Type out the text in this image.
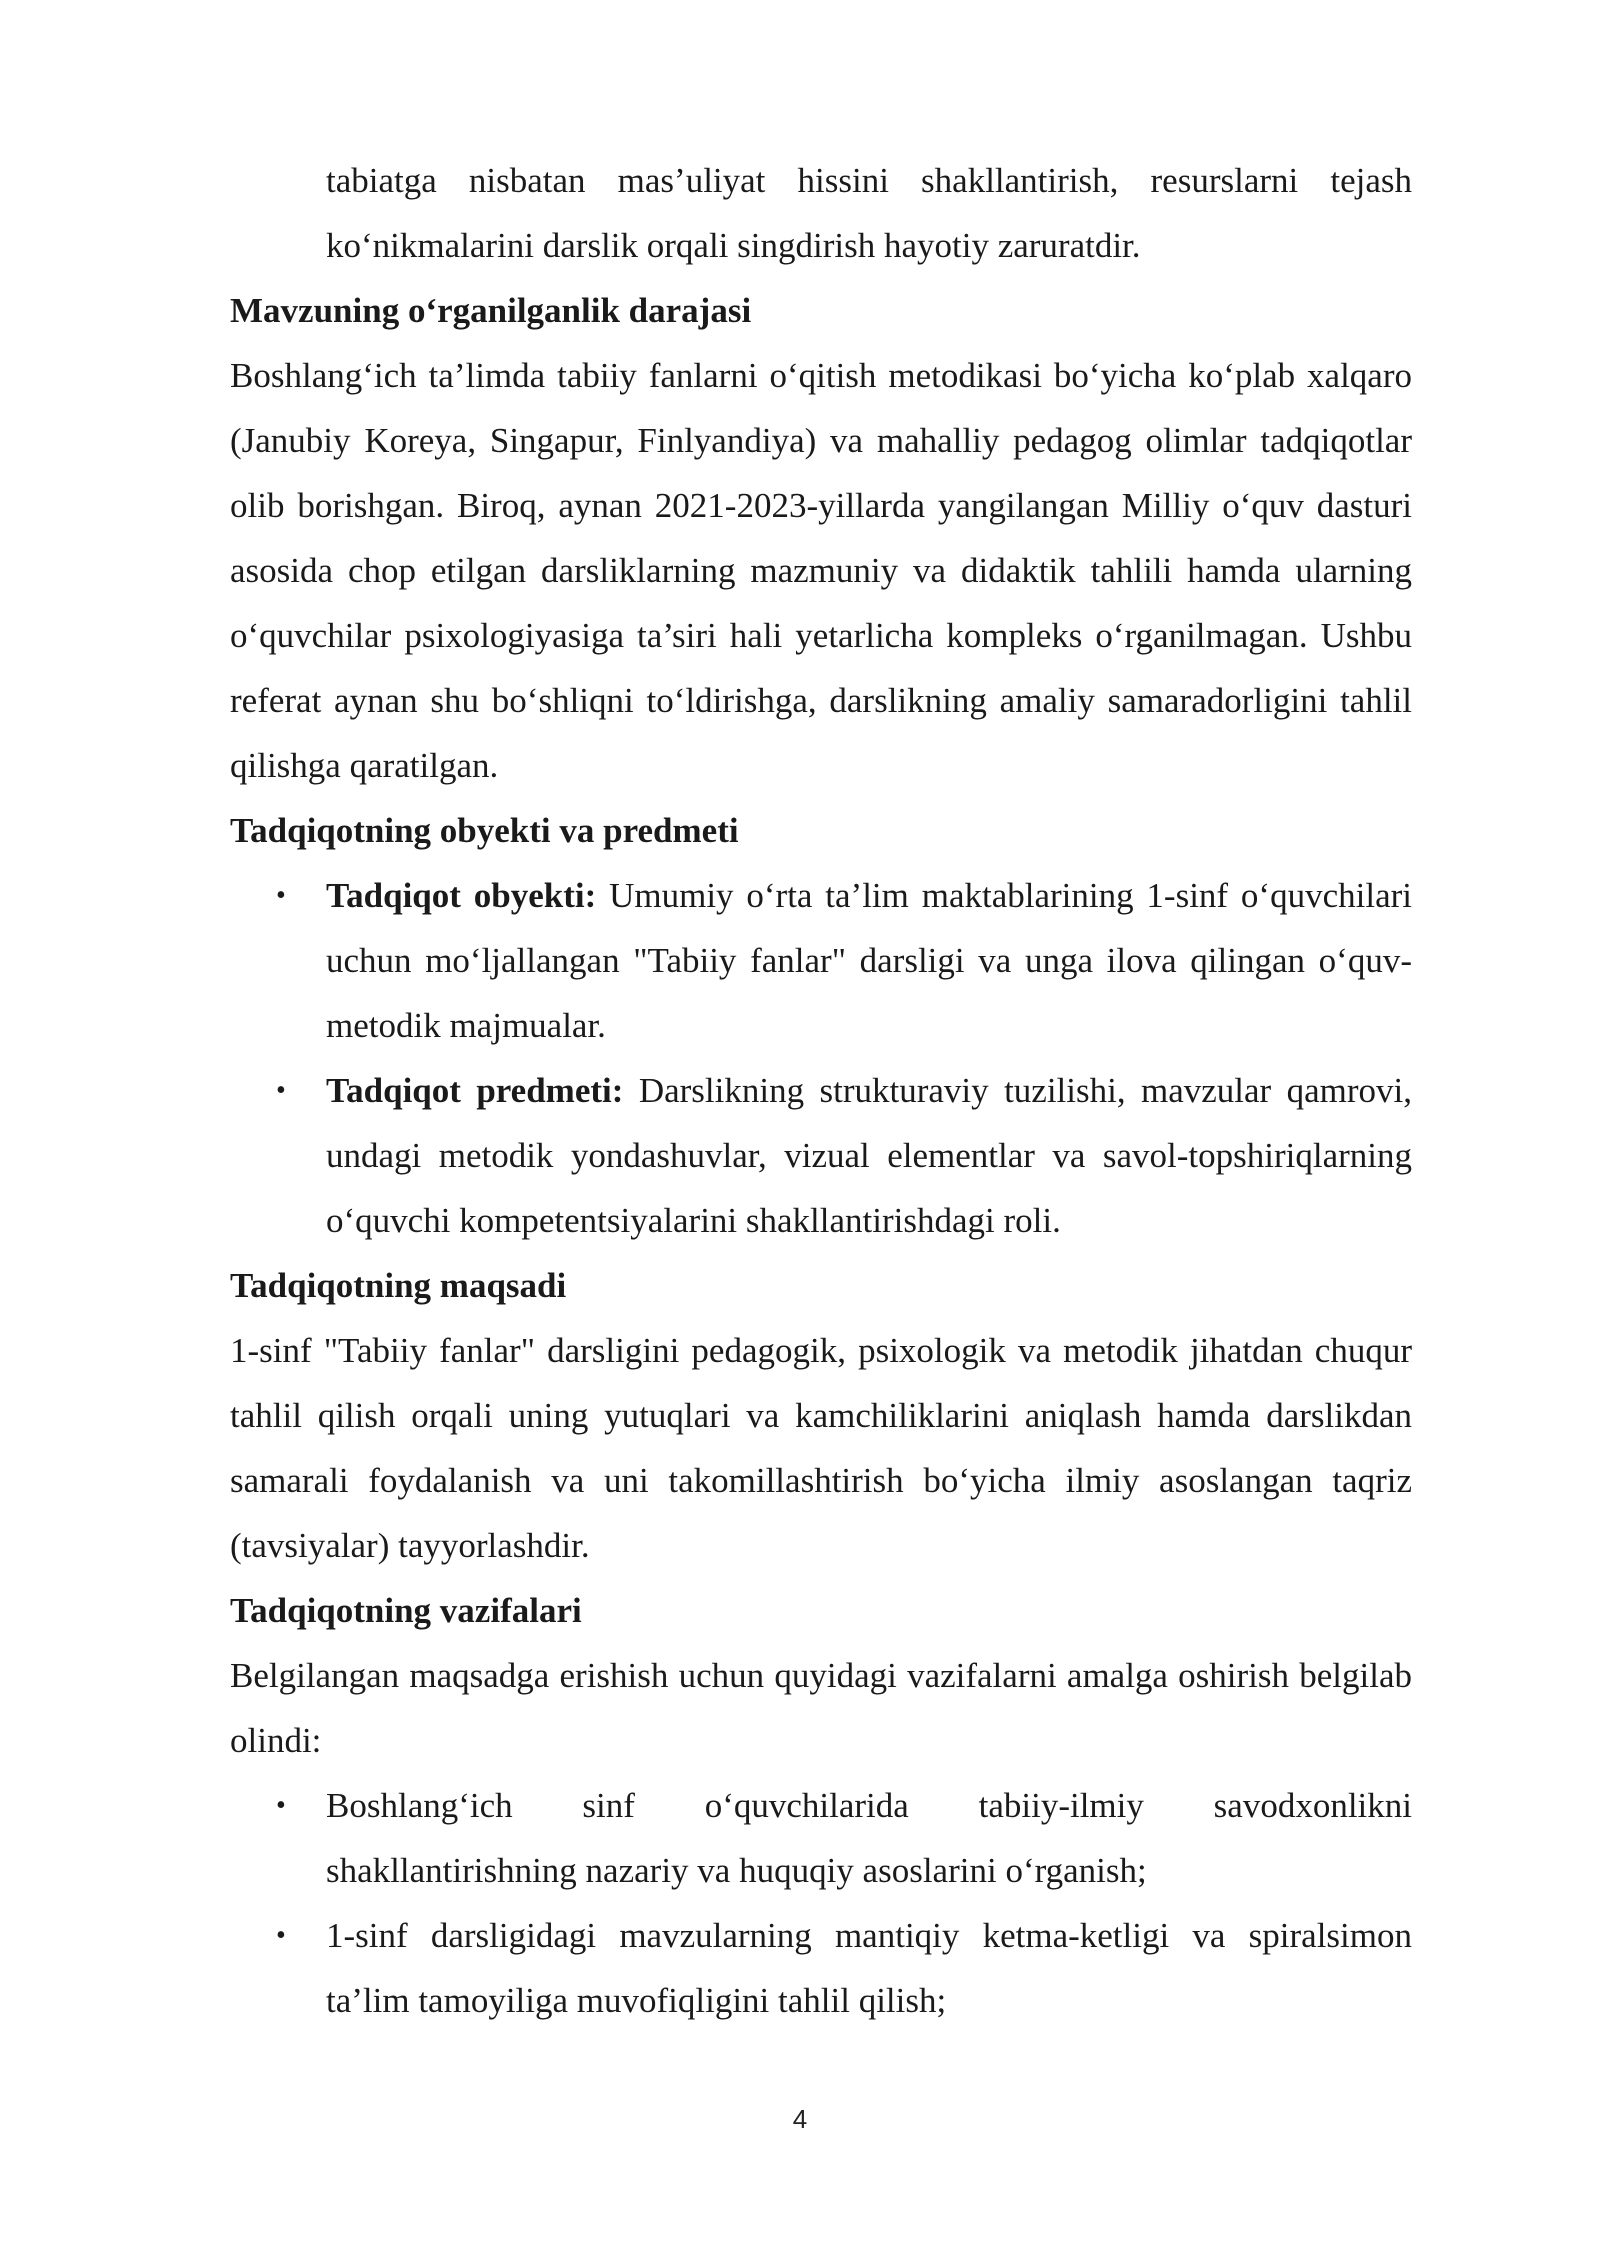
tabiatga nisbatan mas’uliyat hissini shakllantirish, resurslarni tejash ko‘nikmalarini darslik orqali singdirish hayotiy zaruratdir.

Mavzuning o‘rganilganlik darajasi

Boshlang‘ich ta’limda tabiiy fanlarni o‘qitish metodikasi bo‘yicha ko‘plab xalqaro (Janubiy Koreya, Singapur, Finlyandiya) va mahalliy pedagog olimlar tadqiqotlar olib borishgan. Biroq, aynan 2021-2023-yillarda yangilangan Milliy o‘quv dasturi asosida chop etilgan darsliklarning mazmuniy va didaktik tahlili hamda ularning o‘quvchilar psixologiyasiga ta’siri hali yetarlicha kompleks o‘rganilmagan. Ushbu referat aynan shu bo‘shliqni to‘ldirishga, darslikning amaliy samaradorligini tahlil qilishga qaratilgan.

Tadqiqotning obyekti va predmeti
• Tadqiqot obyekti: Umumiy o‘rta ta’lim maktablarining 1-sinf o‘quvchilari uchun mo‘ljallangan "Tabiiy fanlar" darsligi va unga ilova qilingan o‘quv-metodik majmualar.
• Tadqiqot predmeti: Darslikning strukturaviy tuzilishi, mavzular qamrovi, undagi metodik yondashuvlar, vizual elementlar va savol-topshiriqlarning o‘quvchi kompetentsiyalarini shakllantirishdagi roli.
Tadqiqotning maqsadi

1-sinf "Tabiiy fanlar" darsligini pedagogik, psixologik va metodik jihatdan chuqur tahlil qilish orqali uning yutuqlari va kamchiliklarini aniqlash hamda darslikdan samarali foydalanish va uni takomillashtirish bo‘yicha ilmiy asoslangan taqriz (tavsiyalar) tayyorlashdir.

Tadqiqotning vazifalari

Belgilangan maqsadga erishish uchun quyidagi vazifalarni amalga oshirish belgilab olindi:

• Boshlang‘ich sinf o‘quvchilarida tabiiy-ilmiy savodxonlikni shakllantirishning nazariy va huquqiy asoslarini o‘rganish;
• 1-sinf darsligidagi mavzularning mantiqiy ketma-ketligi va spiralsimon ta’lim tamoyiliga muvofiqligini tahlil qilish;
4
